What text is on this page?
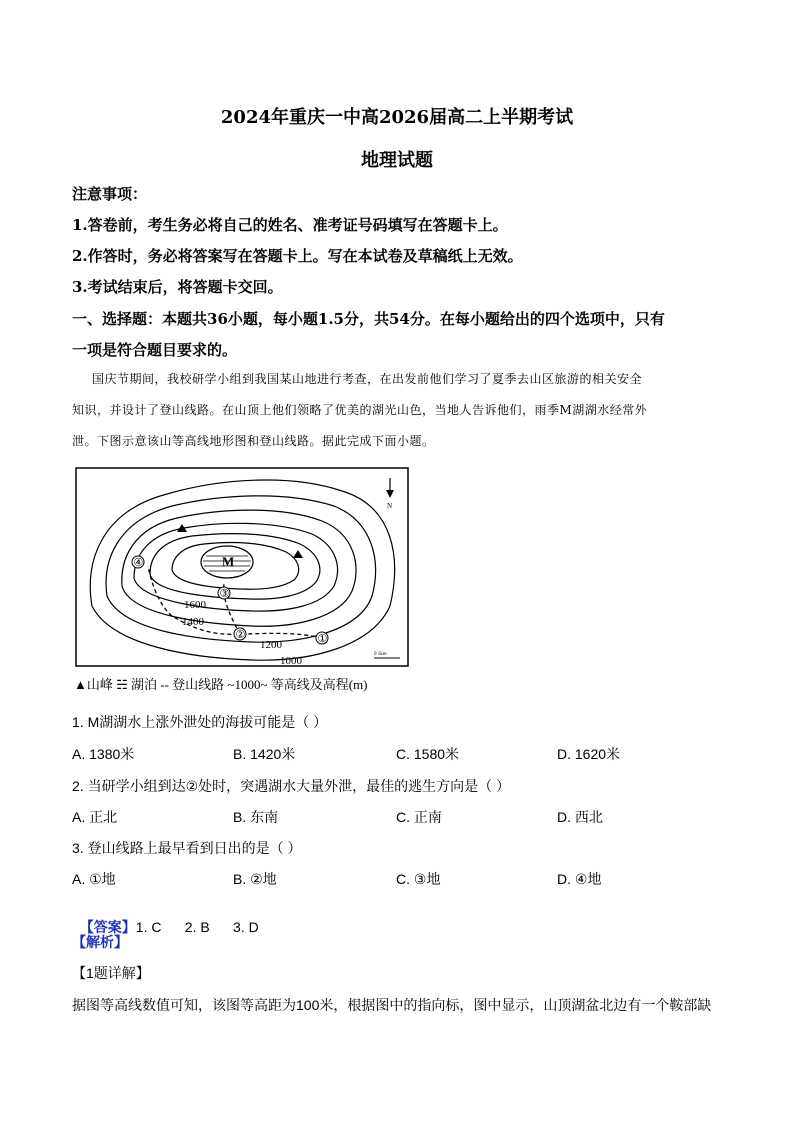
2024年重庆一中高2026届高二上半期考试
地理试题
注意事项：
1.答卷前，考生务必将自己的姓名、准考证号码填写在答题卡上。
2.作答时，务必将答案写在答题卡上。写在本试卷及草稿纸上无效。
3.考试结束后，将答题卡交回。
一、选择题：本题共36小题，每小题1.5分，共54分。在每小题给出的四个选项中，只有
一项是符合题目要求的。
国庆节期间，我校研学小组到我国某山地进行考查，在出发前他们学习了夏季去山区旅游的相关安全
知识，并设计了登山线路。在山顶上他们领略了优美的湖光山色，当地人告诉他们，雨季M湖湖水经常外
泄。下图示意该山等高线地形图和登山线路。据此完成下面小题。
M
①
②
③
④
1600
1400
1200
1000
N
0 1km
▲山峰 ☵ 湖泊 -- 登山线路 ~1000~ 等高线及高程(m)
1. M湖湖水上涨外泄处的海拔可能是（ ）
A. 1380米	B. 1420米	C. 1580米	D. 1620米
2. 当研学小组到达②处时，突遇湖水大量外泄，最佳的逃生方向是（ ）
A. 正北	B. 东南	C. 正南	D. 西北
3. 登山线路上最早看到日出的是（ ）
A. ①地	B. ②地	C. ③地	D. ④地

【答案】1. C      2. B      3. D

【解析】
【1题详解】
据图等高线数值可知，该图等高距为100米，根据图中的指向标，图中显示，山顶湖盆北边有一个鞍部缺
